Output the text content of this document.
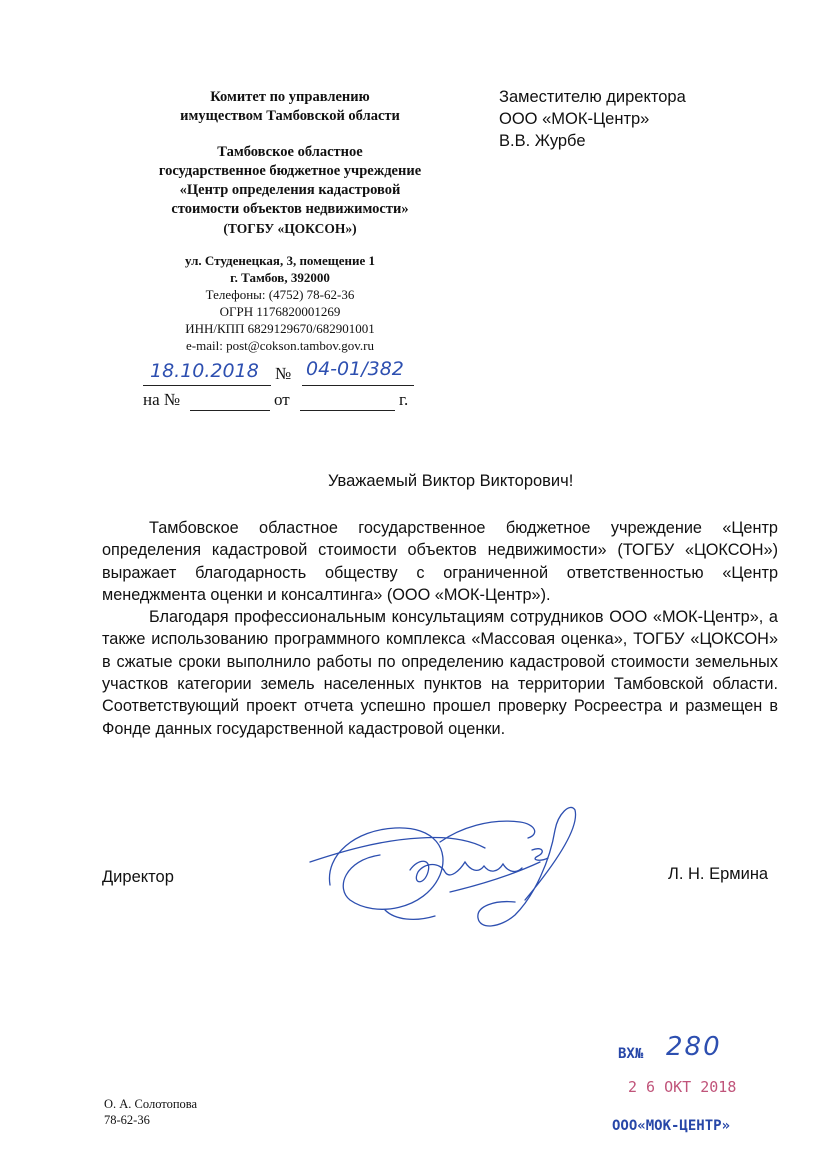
Комитет по управлению
имуществом Тамбовской области
Тамбовское областное
государственное бюджетное учреждение
«Центр определения кадастровой
стоимости объектов недвижимости»
(ТОГБУ «ЦОКСОН»)
ул. Студенецкая, 3, помещение 1
г. Тамбов, 392000
Телефоны: (4752) 78-62-36
ОГРН 1176820001269
ИНН/КПП 6829129670/682901001
e-mail: post@cokson.tambov.gov.ru
18.10.2018 № 04-01/382
на №	от	г.
Заместителю директора
ООО «МОК-Центр»
В.В. Журбе
Уважаемый Виктор Викторович!

Тамбовское областное государственное бюджетное учреждение «Центр определения кадастровой стоимости объектов недвижимости» (ТОГБУ «ЦОКСОН») выражает благодарность обществу с ограниченной ответственностью «Центр менеджмента оценки и консалтинга» (ООО «МОК-Центр»).

Благодаря профессиональным консультациям сотрудников ООО «МОК-Центр», а также использованию программного комплекса «Массовая оценка», ТОГБУ «ЦОКСОН» в сжатые сроки выполнило работы по определению кадастровой стоимости земельных участков категории земель населенных пунктов на территории Тамбовской области. Соответствующий проект отчета успешно прошел проверку Росреестра и размещен в Фонде данных государственной кадастровой оценки.

Директор	Л. Н. Ермина
О. А. Солотопова
78-62-36
ВХ№ 280
2 6 ОКТ 2018
ООО«МОК-ЦЕНТР»
